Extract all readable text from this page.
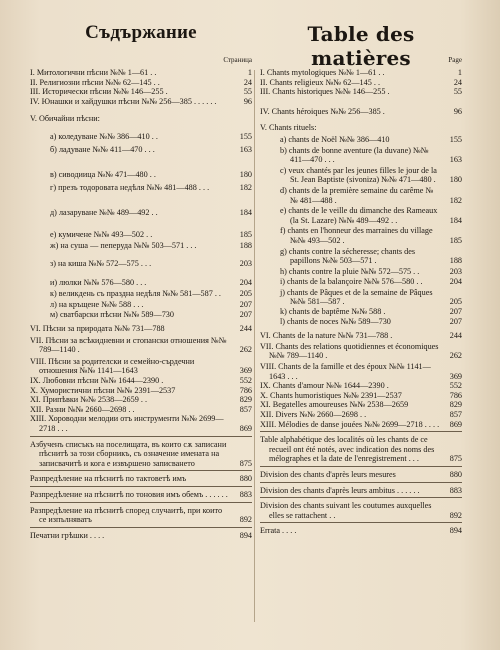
Съдържание
Страница
I. Митологични пѣсни №№ 1—61 . .	1
II. Религиозни пѣсни №№ 62—145 . .	24
III. Исторически пѣсни №№ 146—255 .	55
IV. Юнашки и хайдушки пѣсни №№ 256—385 . . . . . .	96
V. Обичайни пѣсни:
а) коледуване №№ 386—410 . .	155
б) ладуване №№ 411—470 . . .	163
в) сиводиица №№ 471—480 . .	180
г) презъ тодоровата недѣля №№ 481—488 . . .	182
д) лазаруване №№ 489—492 . .	184
е) кумичене №№ 493—502 . .	185
ж) на суша — пеперуда №№ 503—571 . . .	188
з) на киша №№ 572—575 . . .	203
и) люлки №№ 576—580 . . .	204
к) великдень съ праздна недѣля №№ 581—587 . .	205
л) на кръщене №№ 588 . . .	207
м) сватбарски пѣсни №№ 589—730	207
VI. Пѣсни за природата №№ 731—788	244
VII. Пѣсни за всѣкидневни и стопански отношения №№ 789—1140 .	262
VIII. Пѣсни за родителски и семейно-сърдечни отношения №№ 1141—1643	369
IX. Любовни пѣсни №№ 1644—2390 .	552
X. Хумористични пѣсни №№ 2391—2537	786
XI. Припѣвки №№ 2538—2659 . .	829
XII. Разни №№ 2660—2698 . .	857
XIII. Хороводни мелодии отъ инструменти №№ 2699—2718 . . .	869
Азбученъ списъкъ на поселищата, въ които сѫ записани пѣснитѣ за този сборникъ, съ означение имената на записвачитѣ и кога е извършено записването	875
Разпредѣление на пѣснитѣ по тактоветѣ имъ	880
Разпредѣление на пѣснитѣ по тоновия имъ обемъ . . . . . .	883
Разпредѣление на пѣснитѣ според случаитѣ, при които се изпълняватъ	892
Печатни грѣшки . . . .	894
Table des matières	Page
I. Chants mytologiques №№ 1—61 . .	1
II. Chants religieux №№ 62—145 . .	24
III. Chants historiques №№ 146—255 .	55
IV. Chants héroiques №№ 256—385 .	96
V. Chants rituels:
a) chants de Noël №№ 386—410	155
b) chants de bonne aventure (la duvane) №№ 411—470 . . .	163
c) veux chantés par les jeunes filles le jour de la St. Jean Baptiste (sivoniza) №№ 471—480 .	180
d) chants de la première semaine du carême №№ 481—488 .	182
e) chants de le veille du dimanche des Rameaux (la St. Lazare) №№ 489—492 . .	184
f) chants en l'honneur des marraines du village №№ 493—502 .	185
g) chants contre la sécheresse; chants des papillons №№ 503—571 .	188
h) chants contre la pluie №№ 572—575 . .	203
i) chants de la balançoire №№ 576—580 . .	204
j) chants de Pâques et de la semaine de Pâques №№ 581—587 .	205
k) chants de baptême №№ 588 .	207
l) chants de noces №№ 589—730	207
VI. Chants de la nature №№ 731—788 .	244
VII. Chants des relations quotidiennes et économiques №№ 789—1140 .	262
VIII. Chants de la famille et des époux №№ 1141—1643 . . .	369
IX. Chants d'amour №№ 1644—2390 .	552
X. Chants humoristiques №№ 2391—2537	786
XI. Begatelles amoureuses №№ 2538—2659	829
XII. Divers №№ 2660—2698 . .	857
XIII. Mélodies de danse jouées №№ 2699—2718 . . . .	869
Table alphabétique des localités où les chants de ce recueil ont été notés, avec indication des noms des mélographes et la date de l'enregistrement . . .	875
Division des chants d'après leurs mesures	880
Division des chants d'après leurs ambitus . . . . . .	883
Division des chants suivant les coutumes auxquelles elles se rattachent . .	892
Errata . . . .	894
